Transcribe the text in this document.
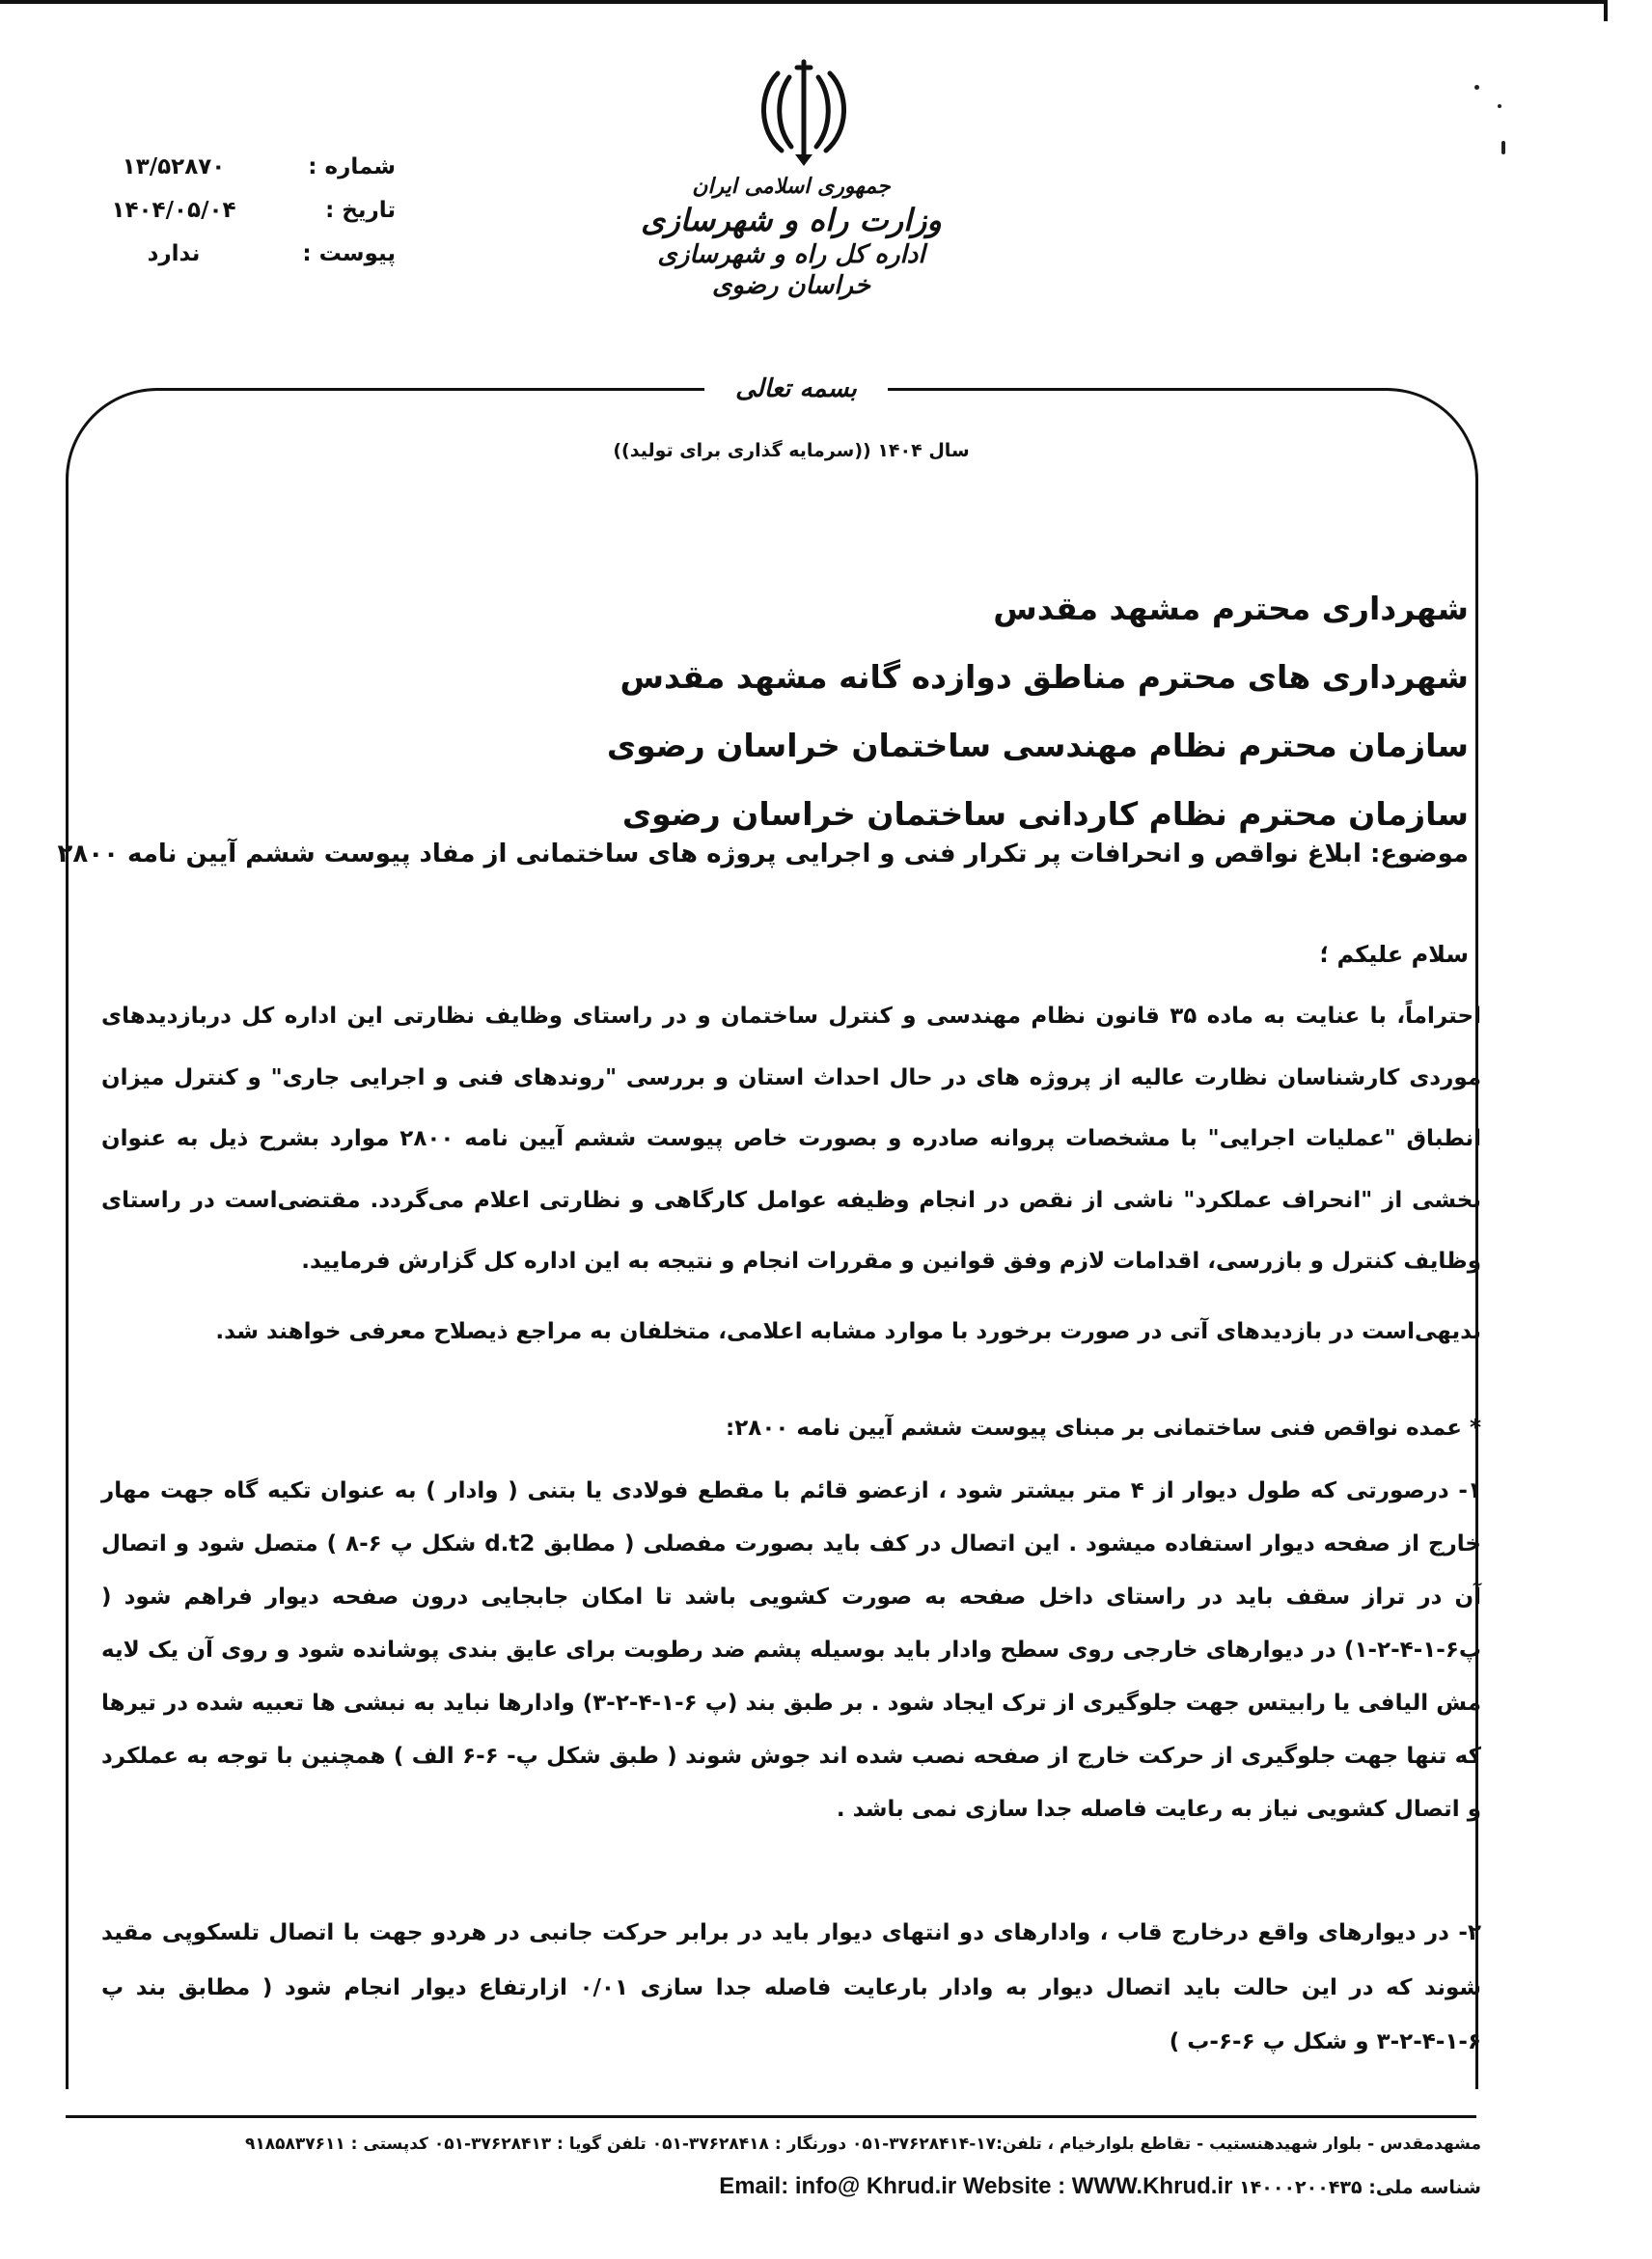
جمهوری اسلامی ایران
وزارت راه و شهرسازی
اداره کل راه و شهرسازی خراسان رضوی
شماره :
تاریخ :
پیوست :
۱۳/۵۲۸۷۰
۱۴۰۴/۰۵/۰۴
ندارد
بسمه تعالی
سال ۱۴۰۴ ((سرمایه گذاری برای تولید))
شهرداری محترم مشهد مقدس
شهرداری های محترم مناطق دوازده گانه مشهد مقدس
سازمان محترم نظام مهندسی ساختمان خراسان رضوی
سازمان محترم نظام کاردانی ساختمان خراسان رضوی
موضوع: ابلاغ نواقص و انحرافات پر تکرار فنی و اجرایی پروژه های ساختمانی از مفاد پیوست ششم آیین نامه ۲۸۰۰
سلام علیکم ؛
احتراماً، با عنایت به ماده ۳۵ قانون نظام مهندسی و کنترل ساختمان و در راستای وظایف نظارتی این اداره کل دربازدیدهای موردی کارشناسان نظارت عالیه از پروژه های در حال احداث استان و بررسی "روندهای فنی و اجرایی جاری" و کنترل میزان انطباق "عملیات اجرایی" با مشخصات پروانه صادره و بصورت خاص پیوست ششم آیین نامه ۲۸۰۰ موارد بشرح ذیل به عنوان بخشی از "انحراف عملکرد" ناشی از نقص در انجام وظیفه عوامل کارگاهی و نظارتی اعلام می‌گردد. مقتضی‌است در راستای وظایف کنترل و بازرسی، اقدامات لازم وفق قوانین و مقررات انجام و نتیجه به این اداره کل گزارش فرمایید.
بدیهی‌است در بازدیدهای آتی در صورت برخورد با موارد مشابه اعلامی، متخلفان به مراجع ذیصلاح معرفی خواهند شد.
* عمده نواقص فنی ساختمانی بر مبنای پیوست ششم آیین نامه ۲۸۰۰:
۱- درصورتی که طول دیوار از ۴ متر بیشتر شود ، ازعضو قائم با مقطع فولادی یا بتنی ( وادار ) به عنوان تکیه گاه جهت مهار خارج از صفحه دیوار استفاده میشود . این اتصال در کف باید بصورت مفصلی ( مطابق d.t2 شکل پ ۶-۸ ) متصل شود و اتصال آن در تراز سقف باید در راستای داخل صفحه به صورت کشویی باشد تا امکان جابجایی درون صفحه دیوار فراهم شود ( پ۶-۱-۴-۲-۱) در دیوارهای خارجی روی سطح وادار باید بوسیله پشم ضد رطوبت برای عایق بندی پوشانده شود و روی آن یک لایه مش الیافی یا رابیتس جهت جلوگیری از ترک ایجاد شود . بر طبق بند (پ ۶-۱-۴-۲-۳) وادارها نباید به نبشی ها تعبیه شده در تیرها که تنها جهت جلوگیری از حرکت خارج از صفحه نصب شده اند جوش شوند ( طبق شکل پ- ۶-۶ الف ) همچنین با توجه به عملکرد و اتصال کشویی نیاز به رعایت فاصله جدا سازی نمی باشد .
۲- در دیوارهای واقع درخارج قاب ، وادارهای دو انتهای دیوار باید در برابر حرکت جانبی در هردو جهت با اتصال تلسکوپی مقید شوند که در این حالت باید اتصال دیوار به وادار بارعایت فاصله جدا سازی ۰/۰۱ ازارتفاع دیوار انجام شود ( مطابق بند پ ۶-۱-۴-۲-۳ و شکل پ ۶-۶-ب )
مشهدمقدس - بلوار شهیدهنستیب - تقاطع بلوارخیام ، تلفن:۱۷-۳۷۶۲۸۴۱۴-۰۵۱ دورنگار : ۳۷۶۲۸۴۱۸-۰۵۱ تلفن گویا : ۳۷۶۲۸۴۱۳-۰۵۱ کدپستی : ۹۱۸۵۸۳۷۶۱۱
شناسه ملی: ۱۴۰۰۰۲۰۰۴۳۵ Email: info@ Khrud.ir Website : WWW.Khrud.ir
